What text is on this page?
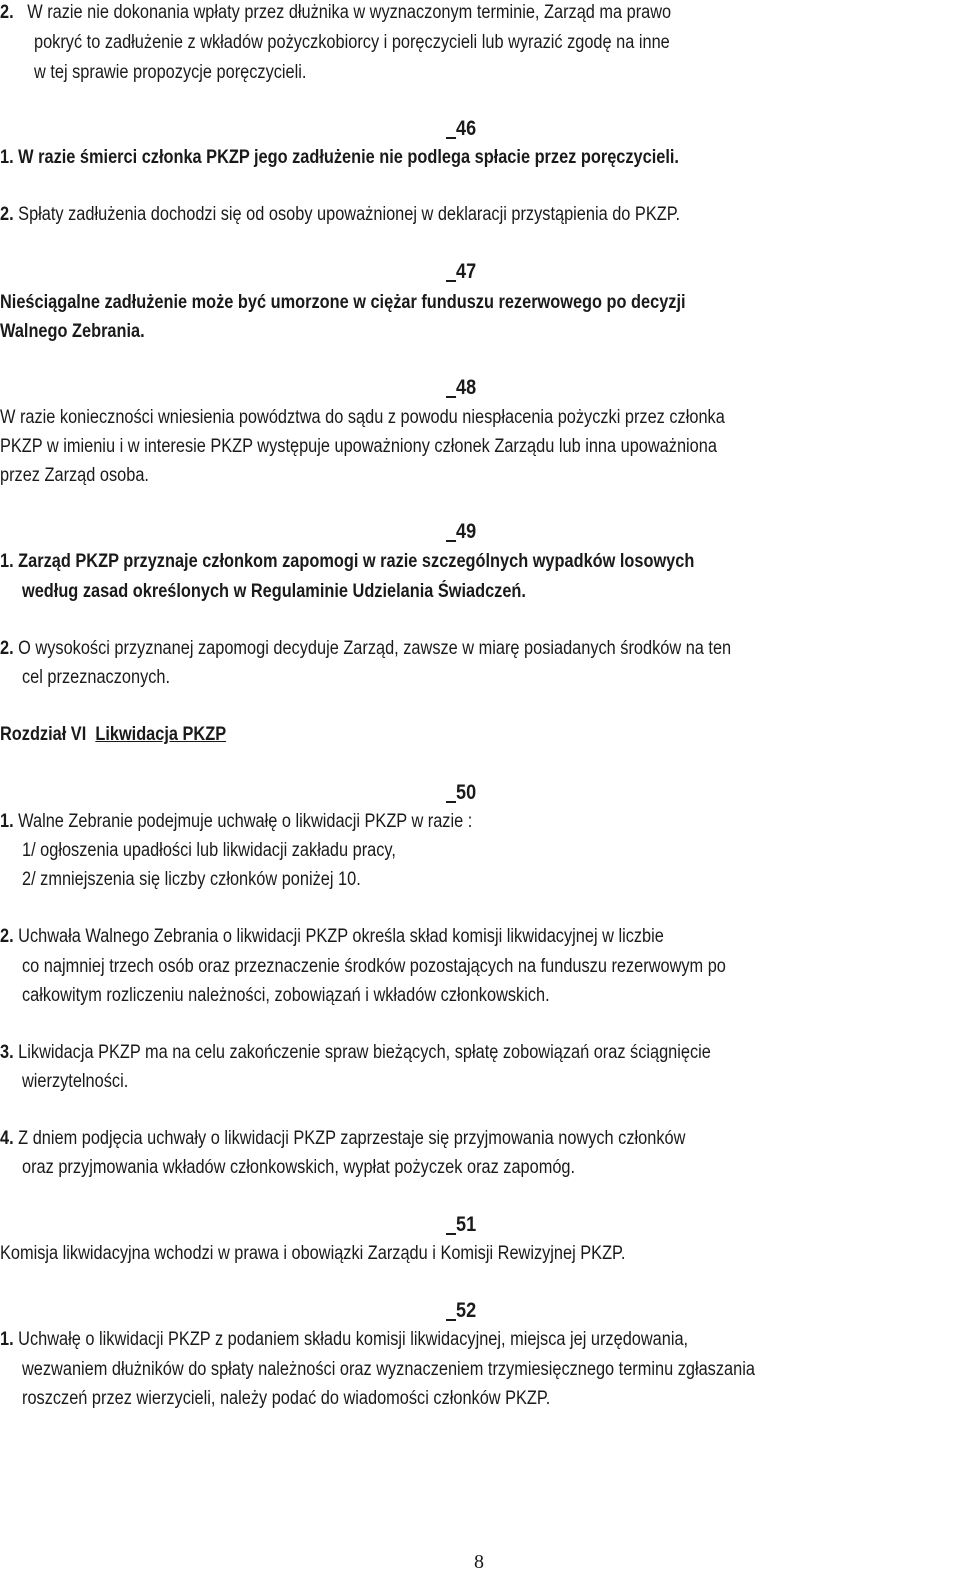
2. W razie nie dokonania wpłaty przez dłużnika w wyznaczonym terminie, Zarząd ma prawo
pokryć to zadłużenie z wkładów pożyczkobiorcy i poręczycieli lub wyrazić zgodę na inne
w tej sprawie propozycje poręczycieli.
46
1. W razie śmierci członka PKZP jego zadłużenie nie podlega spłacie przez poręczycieli.
2. Spłaty zadłużenia dochodzi się od osoby upoważnionej w deklaracji przystąpienia do PKZP.
47
Nieściągalne zadłużenie może być umorzone w ciężar funduszu rezerwowego po decyzji
Walnego Zebrania.
48
W razie konieczności wniesienia powództwa do sądu z powodu niespłacenia pożyczki przez członka
PKZP w imieniu i w interesie PKZP występuje upoważniony członek Zarządu lub inna upoważniona
przez Zarząd osoba.
49
1. Zarząd PKZP przyznaje członkom zapomogi w razie szczególnych wypadków losowych
według zasad określonych w Regulaminie Udzielania Świadczeń.
2. O wysokości przyznanej zapomogi decyduje Zarząd, zawsze w miarę posiadanych środków na ten
cel przeznaczonych.
Rozdział VI Likwidacja PKZP
50
1. Walne Zebranie podejmuje uchwałę o likwidacji PKZP w razie :
1/ ogłoszenia upadłości lub likwidacji zakładu pracy,
2/ zmniejszenia się liczby członków poniżej 10.
2. Uchwała Walnego Zebrania o likwidacji PKZP określa skład komisji likwidacyjnej w liczbie
co najmniej trzech osób oraz przeznaczenie środków pozostających na funduszu rezerwowym po
całkowitym rozliczeniu należności, zobowiązań i wkładów członkowskich.
3. Likwidacja PKZP ma na celu zakończenie spraw bieżących, spłatę zobowiązań oraz ściągnięcie
wierzytelności.
4. Z dniem podjęcia uchwały o likwidacji PKZP zaprzestaje się przyjmowania nowych członków
oraz przyjmowania wkładów członkowskich, wypłat pożyczek oraz zapomóg.
51
Komisja likwidacyjna wchodzi w prawa i obowiązki Zarządu i Komisji Rewizyjnej PKZP.
52
1. Uchwałę o likwidacji PKZP z podaniem składu komisji likwidacyjnej, miejsca jej urzędowania,
wezwaniem dłużników do spłaty należności oraz wyznaczeniem trzymiesięcznego terminu zgłaszania
roszczeń przez wierzycieli, należy podać do wiadomości członków PKZP.
8
